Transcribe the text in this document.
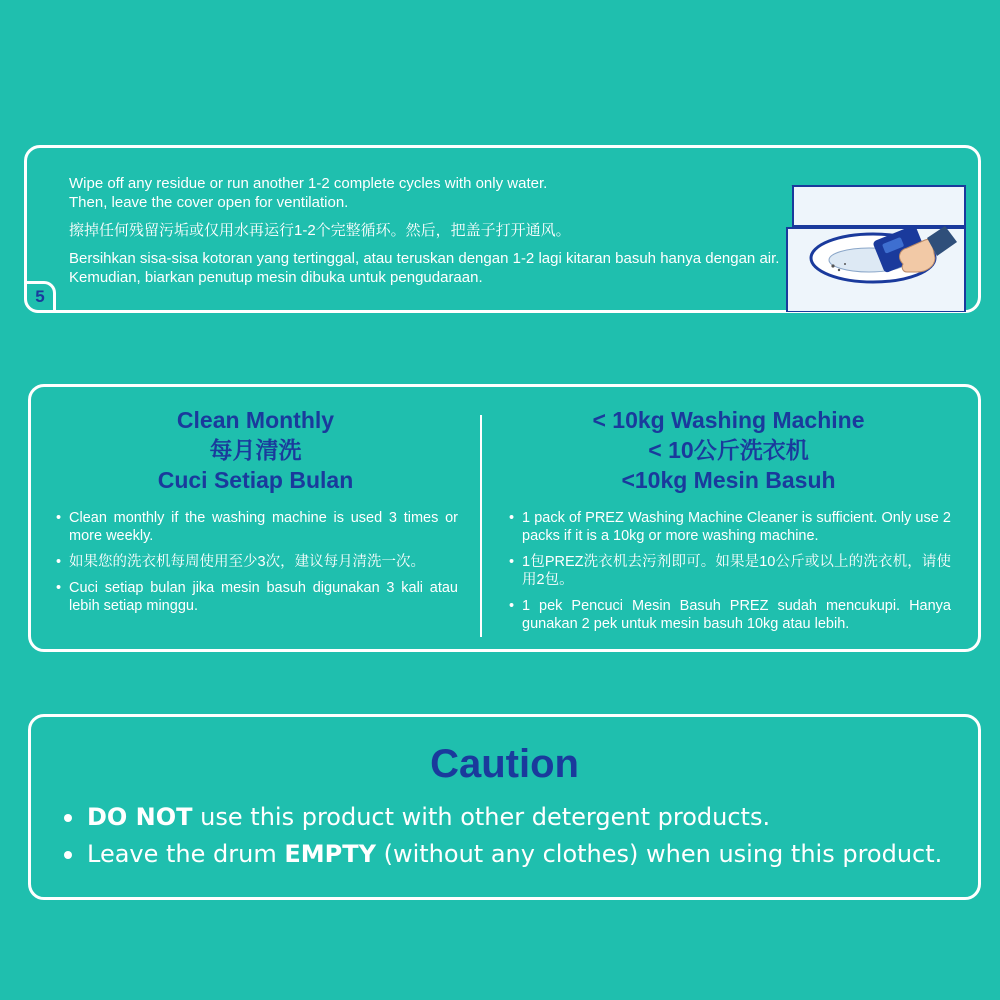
Wipe off any residue or run another 1-2 complete cycles with only water.
Then, leave the cover open for ventilation.

擦掉任何残留污垢或仅用水再运行1-2个完整循环。然后，把盖子打开通风。

Bersihkan sisa-sisa kotoran yang tertinggal, atau teruskan dengan 1-2 lagi kitaran basuh hanya dengan air. Kemudian, biarkan penutup mesin dibuka untuk pengudaraan.

5
Clean Monthly
每月清洗
Cuci Setiap Bulan
• Clean monthly if the washing machine is used 3 times or more weekly.
• 如果您的洗衣机每周使用至少3次，建议每月清洗一次。
• Cuci setiap bulan jika mesin basuh digunakan 3 kali atau lebih setiap minggu.
< 10kg Washing Machine
< 10公斤洗衣机
<10kg Mesin Basuh
• 1 pack of PREZ Washing Machine Cleaner is sufficient. Only use 2 packs if it is a 10kg or more washing machine.
• 1包PREZ洗衣机去污剂即可。如果是10公斤或以上的洗衣机，请使用2包。
• 1 pek Pencuci Mesin Basuh PREZ sudah mencukupi. Hanya gunakan 2 pek untuk mesin basuh 10kg atau lebih.
Caution
DO NOT use this product with other detergent products.
Leave the drum EMPTY (without any clothes) when using this product.
